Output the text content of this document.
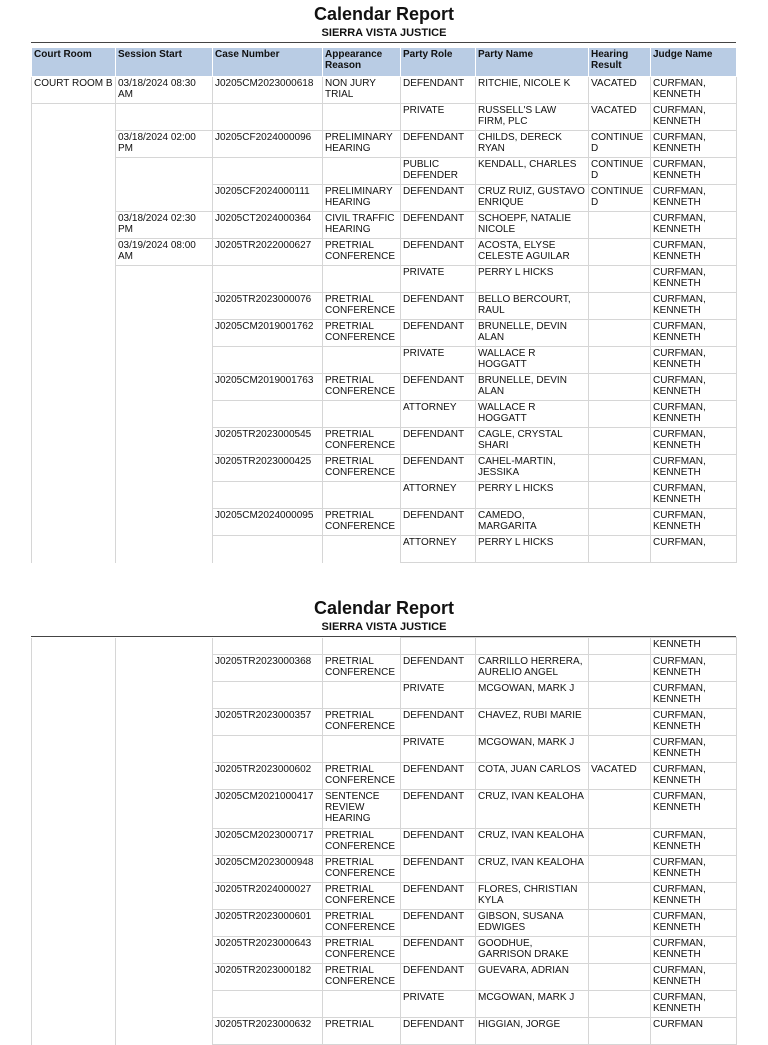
Calendar Report
SIERRA VISTA JUSTICE
Court Room	Session Start	Case Number	Appearance Reason	Party Role	Party Name	Hearing Result	Judge Name
COURT ROOM B	03/18/2024 08:30 AM	J0205CM2023000618	NON JURY TRIAL	DEFENDANT	RITCHIE, NICOLE K	VACATED	CURFMAN, KENNETH
				PRIVATE	RUSSELL'S LAW FIRM, PLC	VACATED	CURFMAN, KENNETH
	03/18/2024 02:00 PM	J0205CF2024000096	PRELIMINARY HEARING	DEFENDANT	CHILDS, DERECK RYAN	CONTINUED	CURFMAN, KENNETH
				PUBLIC DEFENDER	KENDALL, CHARLES	CONTINUED	CURFMAN, KENNETH
		J0205CF2024000111	PRELIMINARY HEARING	DEFENDANT	CRUZ RUIZ, GUSTAVO ENRIQUE	CONTINUED	CURFMAN, KENNETH
	03/18/2024 02:30 PM	J0205CT2024000364	CIVIL TRAFFIC HEARING	DEFENDANT	SCHOEPF, NATALIE NICOLE		CURFMAN, KENNETH
	03/19/2024 08:00 AM	J0205TR2022000627	PRETRIAL CONFERENCE	DEFENDANT	ACOSTA, ELYSE CELESTE AGUILAR		CURFMAN, KENNETH
				PRIVATE	PERRY L HICKS		CURFMAN, KENNETH
		J0205TR2023000076	PRETRIAL CONFERENCE	DEFENDANT	BELLO BERCOURT, RAUL		CURFMAN, KENNETH
		J0205CM2019001762	PRETRIAL CONFERENCE	DEFENDANT	BRUNELLE, DEVIN ALAN		CURFMAN, KENNETH
				PRIVATE	WALLACE R HOGGATT		CURFMAN, KENNETH
		J0205CM2019001763	PRETRIAL CONFERENCE	DEFENDANT	BRUNELLE, DEVIN ALAN		CURFMAN, KENNETH
				ATTORNEY	WALLACE R HOGGATT		CURFMAN, KENNETH
		J0205TR2023000545	PRETRIAL CONFERENCE	DEFENDANT	CAGLE, CRYSTAL SHARI		CURFMAN, KENNETH
		J0205TR2023000425	PRETRIAL CONFERENCE	DEFENDANT	CAHEL-MARTIN, JESSIKA		CURFMAN, KENNETH
				ATTORNEY	PERRY L HICKS		CURFMAN, KENNETH
		J0205CM2024000095	PRETRIAL CONFERENCE	DEFENDANT	CAMEDO, MARGARITA		CURFMAN, KENNETH
				ATTORNEY	PERRY L HICKS		CURFMAN,
Calendar Report
SIERRA VISTA JUSTICE
							KENNETH
		J0205TR2023000368	PRETRIAL CONFERENCE	DEFENDANT	CARRILLO HERRERA, AURELIO ANGEL		CURFMAN, KENNETH
				PRIVATE	MCGOWAN, MARK J		CURFMAN, KENNETH
		J0205TR2023000357	PRETRIAL CONFERENCE	DEFENDANT	CHAVEZ, RUBI MARIE		CURFMAN, KENNETH
				PRIVATE	MCGOWAN, MARK J		CURFMAN, KENNETH
		J0205TR2023000602	PRETRIAL CONFERENCE	DEFENDANT	COTA, JUAN CARLOS	VACATED	CURFMAN, KENNETH
		J0205CM2021000417	SENTENCE REVIEW HEARING	DEFENDANT	CRUZ, IVAN KEALOHA		CURFMAN, KENNETH
		J0205CM2023000717	PRETRIAL CONFERENCE	DEFENDANT	CRUZ, IVAN KEALOHA		CURFMAN, KENNETH
		J0205CM2023000948	PRETRIAL CONFERENCE	DEFENDANT	CRUZ, IVAN KEALOHA		CURFMAN, KENNETH
		J0205TR2024000027	PRETRIAL CONFERENCE	DEFENDANT	FLORES, CHRISTIAN KYLA		CURFMAN, KENNETH
		J0205TR2023000601	PRETRIAL CONFERENCE	DEFENDANT	GIBSON, SUSANA EDWIGES		CURFMAN, KENNETH
		J0205TR2023000643	PRETRIAL CONFERENCE	DEFENDANT	GOODHUE, GARRISON DRAKE		CURFMAN, KENNETH
		J0205TR2023000182	PRETRIAL CONFERENCE	DEFENDANT	GUEVARA, ADRIAN		CURFMAN, KENNETH
				PRIVATE	MCGOWAN, MARK J		CURFMAN, KENNETH
		J0205TR2023000632	PRETRIAL	DEFENDANT	HIGGIAN, JORGE		CURFMAN
